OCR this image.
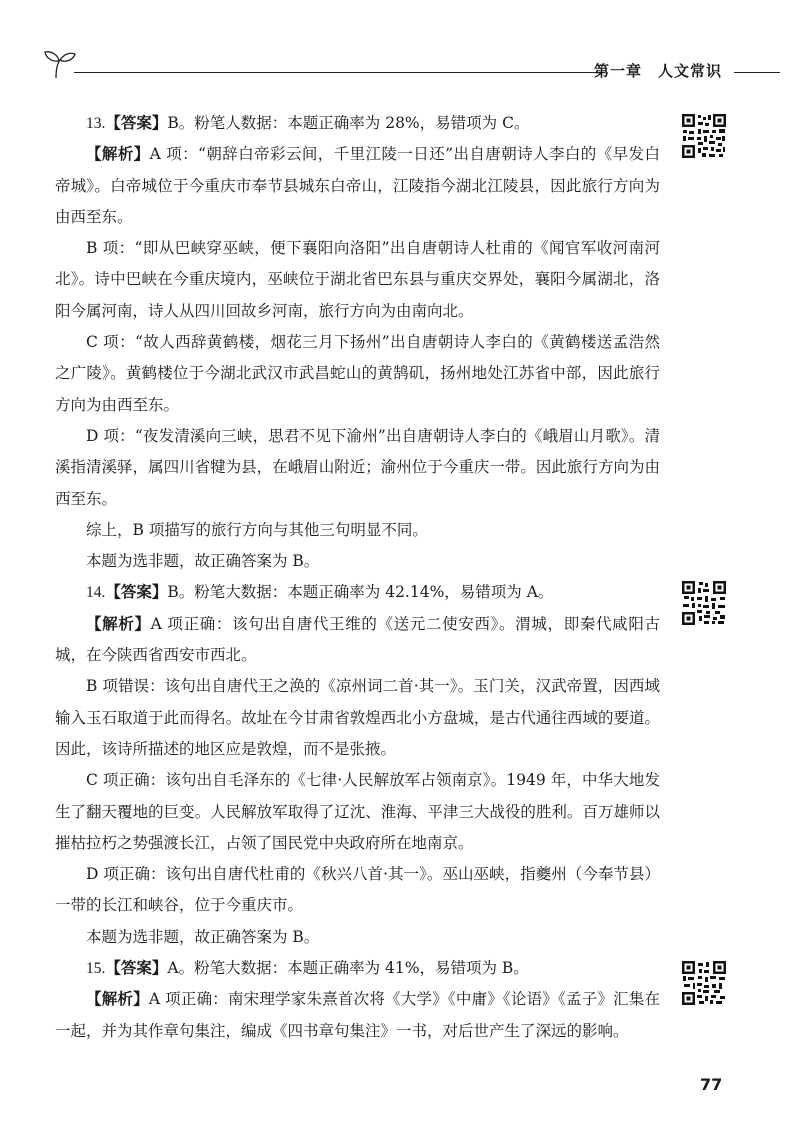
第一章 人文常识

13.【答案】B。粉笔人数据：本题正确率为 28%，易错项为 C。

【解析】A 项：“朝辞白帝彩云间，千里江陵一日还”出自唐朝诗人李白的《早发白帝城》。白帝城位于今重庆市奉节县城东白帝山，江陵指今湖北江陵县，因此旅行方向为由西至东。

B 项：“即从巴峡穿巫峡，便下襄阳向洛阳”出自唐朝诗人杜甫的《闻官军收河南河北》。诗中巴峡在今重庆境内，巫峡位于湖北省巴东县与重庆交界处，襄阳今属湖北，洛阳今属河南，诗人从四川回故乡河南，旅行方向为由南向北。

C 项：“故人西辞黄鹤楼，烟花三月下扬州”出自唐朝诗人李白的《黄鹤楼送孟浩然之广陵》。黄鹤楼位于今湖北武汉市武昌蛇山的黄鹄矶，扬州地处江苏省中部，因此旅行方向为由西至东。

D 项：“夜发清溪向三峡，思君不见下渝州”出自唐朝诗人李白的《峨眉山月歌》。清溪指清溪驿，属四川省犍为县，在峨眉山附近；渝州位于今重庆一带。因此旅行方向为由西至东。

综上，B 项描写的旅行方向与其他三句明显不同。

本题为选非题，故正确答案为 B。

14.【答案】B。粉笔大数据：本题正确率为 42.14%，易错项为 A。

【解析】A 项正确：该句出自唐代王维的《送元二使安西》。渭城，即秦代咸阳古城，在今陕西省西安市西北。

B 项错误：该句出自唐代王之涣的《凉州词二首·其一》。玉门关，汉武帝置，因西域输入玉石取道于此而得名。故址在今甘肃省敦煌西北小方盘城，是古代通往西域的要道。因此，该诗所描述的地区应是敦煌，而不是张掖。

C 项正确：该句出自毛泽东的《七律·人民解放军占领南京》。1949 年，中华大地发生了翻天覆地的巨变。人民解放军取得了辽沈、淮海、平津三大战役的胜利。百万雄师以摧枯拉朽之势强渡长江，占领了国民党中央政府所在地南京。

D 项正确：该句出自唐代杜甫的《秋兴八首·其一》。巫山巫峡，指夔州（今奉节县）一带的长江和峡谷，位于今重庆市。

本题为选非题，故正确答案为 B。

15.【答案】A。粉笔大数据：本题正确率为 41%，易错项为 B。

【解析】A 项正确：南宋理学家朱熹首次将《大学》《中庸》《论语》《孟子》汇集在一起，并为其作章句集注，编成《四书章句集注》一书，对后世产生了深远的影响。

77
